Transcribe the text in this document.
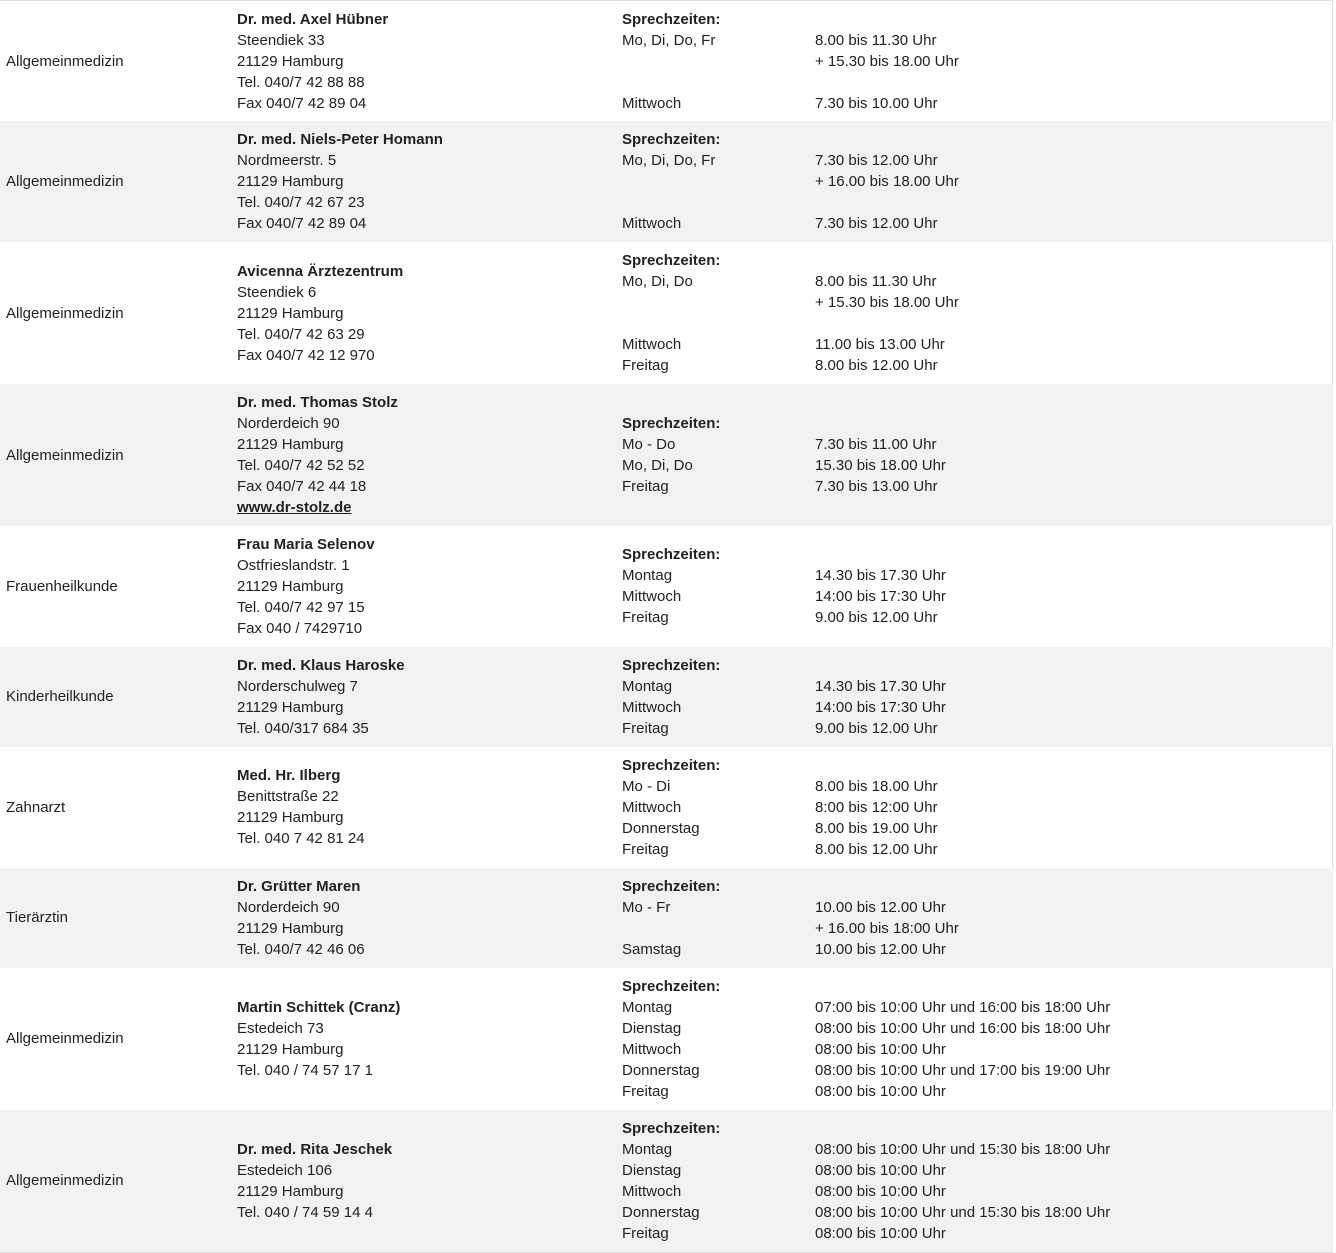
Allgemeinmedizin
Dr. med. Axel Hübner
Steendiek 33
21129 Hamburg
Tel. 040/7 42 88 88
Fax 040/7 42 89 04
Sprechzeiten:
Mo, Di, Do, Fr
Mittwoch
8.00 bis 11.30 Uhr
+ 15.30 bis 18.00 Uhr
7.30 bis 10.00 Uhr
Allgemeinmedizin
Dr. med. Niels-Peter Homann
Nordmeerstr. 5
21129 Hamburg
Tel. 040/7 42 67 23
Fax 040/7 42 89 04
Sprechzeiten:
Mo, Di, Do, Fr
Mittwoch
7.30 bis 12.00 Uhr
+ 16.00 bis 18.00 Uhr
7.30 bis 12.00 Uhr
Allgemeinmedizin
Avicenna Ärztezentrum
Steendiek 6
21129 Hamburg
Tel. 040/7 42 63 29
Fax 040/7 42 12 970
Sprechzeiten:
Mo, Di, Do
Mittwoch
Freitag
8.00 bis 11.30 Uhr
+ 15.30 bis 18.00 Uhr
11.00 bis 13.00 Uhr
8.00 bis 12.00 Uhr
Allgemeinmedizin
Dr. med. Thomas Stolz
Norderdeich 90
21129 Hamburg
Tel. 040/7 42 52 52
Fax 040/7 42 44 18
www.dr-stolz.de
Sprechzeiten:
Mo - Do
Mo, Di, Do
Freitag
7.30 bis 11.00 Uhr
15.30 bis 18.00 Uhr
7.30 bis 13.00 Uhr
Frauenheilkunde
Frau Maria Selenov
Ostfrieslandstr. 1
21129 Hamburg
Tel. 040/7 42 97 15
Fax 040 / 7429710
Sprechzeiten:
Montag
Mittwoch
Freitag
14.30 bis 17.30 Uhr
14:00 bis 17:30 Uhr
9.00 bis 12.00 Uhr
Kinderheilkunde
Dr. med. Klaus Haroske
Norderschulweg 7
21129 Hamburg
Tel. 040/317 684 35
Sprechzeiten:
Montag
Mittwoch
Freitag
14.30 bis 17.30 Uhr
14:00 bis 17:30 Uhr
9.00 bis 12.00 Uhr
Zahnarzt
Med. Hr. Ilberg
Benittstraße 22
21129 Hamburg
Tel. 040 7 42 81 24
Sprechzeiten:
Mo - Di
Mittwoch
Donnerstag
Freitag
8.00 bis 18.00 Uhr
8:00 bis 12:00 Uhr
8.00 bis 19.00 Uhr
8.00 bis 12.00 Uhr
Tierärztin
Dr. Grütter Maren
Norderdeich 90
21129 Hamburg
Tel. 040/7 42 46 06
Sprechzeiten:
Mo - Fr
Samstag
10.00 bis 12.00 Uhr
+ 16.00 bis 18:00 Uhr
10.00 bis 12.00 Uhr
Allgemeinmedizin
Martin Schittek (Cranz)
Estedeich 73
21129 Hamburg
Tel. 040 / 74 57 17 1
Sprechzeiten:
Montag
Dienstag
Mittwoch
Donnerstag
Freitag
07:00 bis 10:00 Uhr und 16:00 bis 18:00 Uhr
08:00 bis 10:00 Uhr und 16:00 bis 18:00 Uhr
08:00 bis 10:00 Uhr
08:00 bis 10:00 Uhr und 17:00 bis 19:00 Uhr
08:00 bis 10:00 Uhr
Allgemeinmedizin
Dr. med. Rita Jeschek
Estedeich 106
21129 Hamburg
Tel. 040 / 74 59 14 4
Sprechzeiten:
Montag
Dienstag
Mittwoch
Donnerstag
Freitag
08:00 bis 10:00 Uhr und 15:30 bis 18:00 Uhr
08:00 bis 10:00 Uhr
08:00 bis 10:00 Uhr
08:00 bis 10:00 Uhr und 15:30 bis 18:00 Uhr
08:00 bis 10:00 Uhr
